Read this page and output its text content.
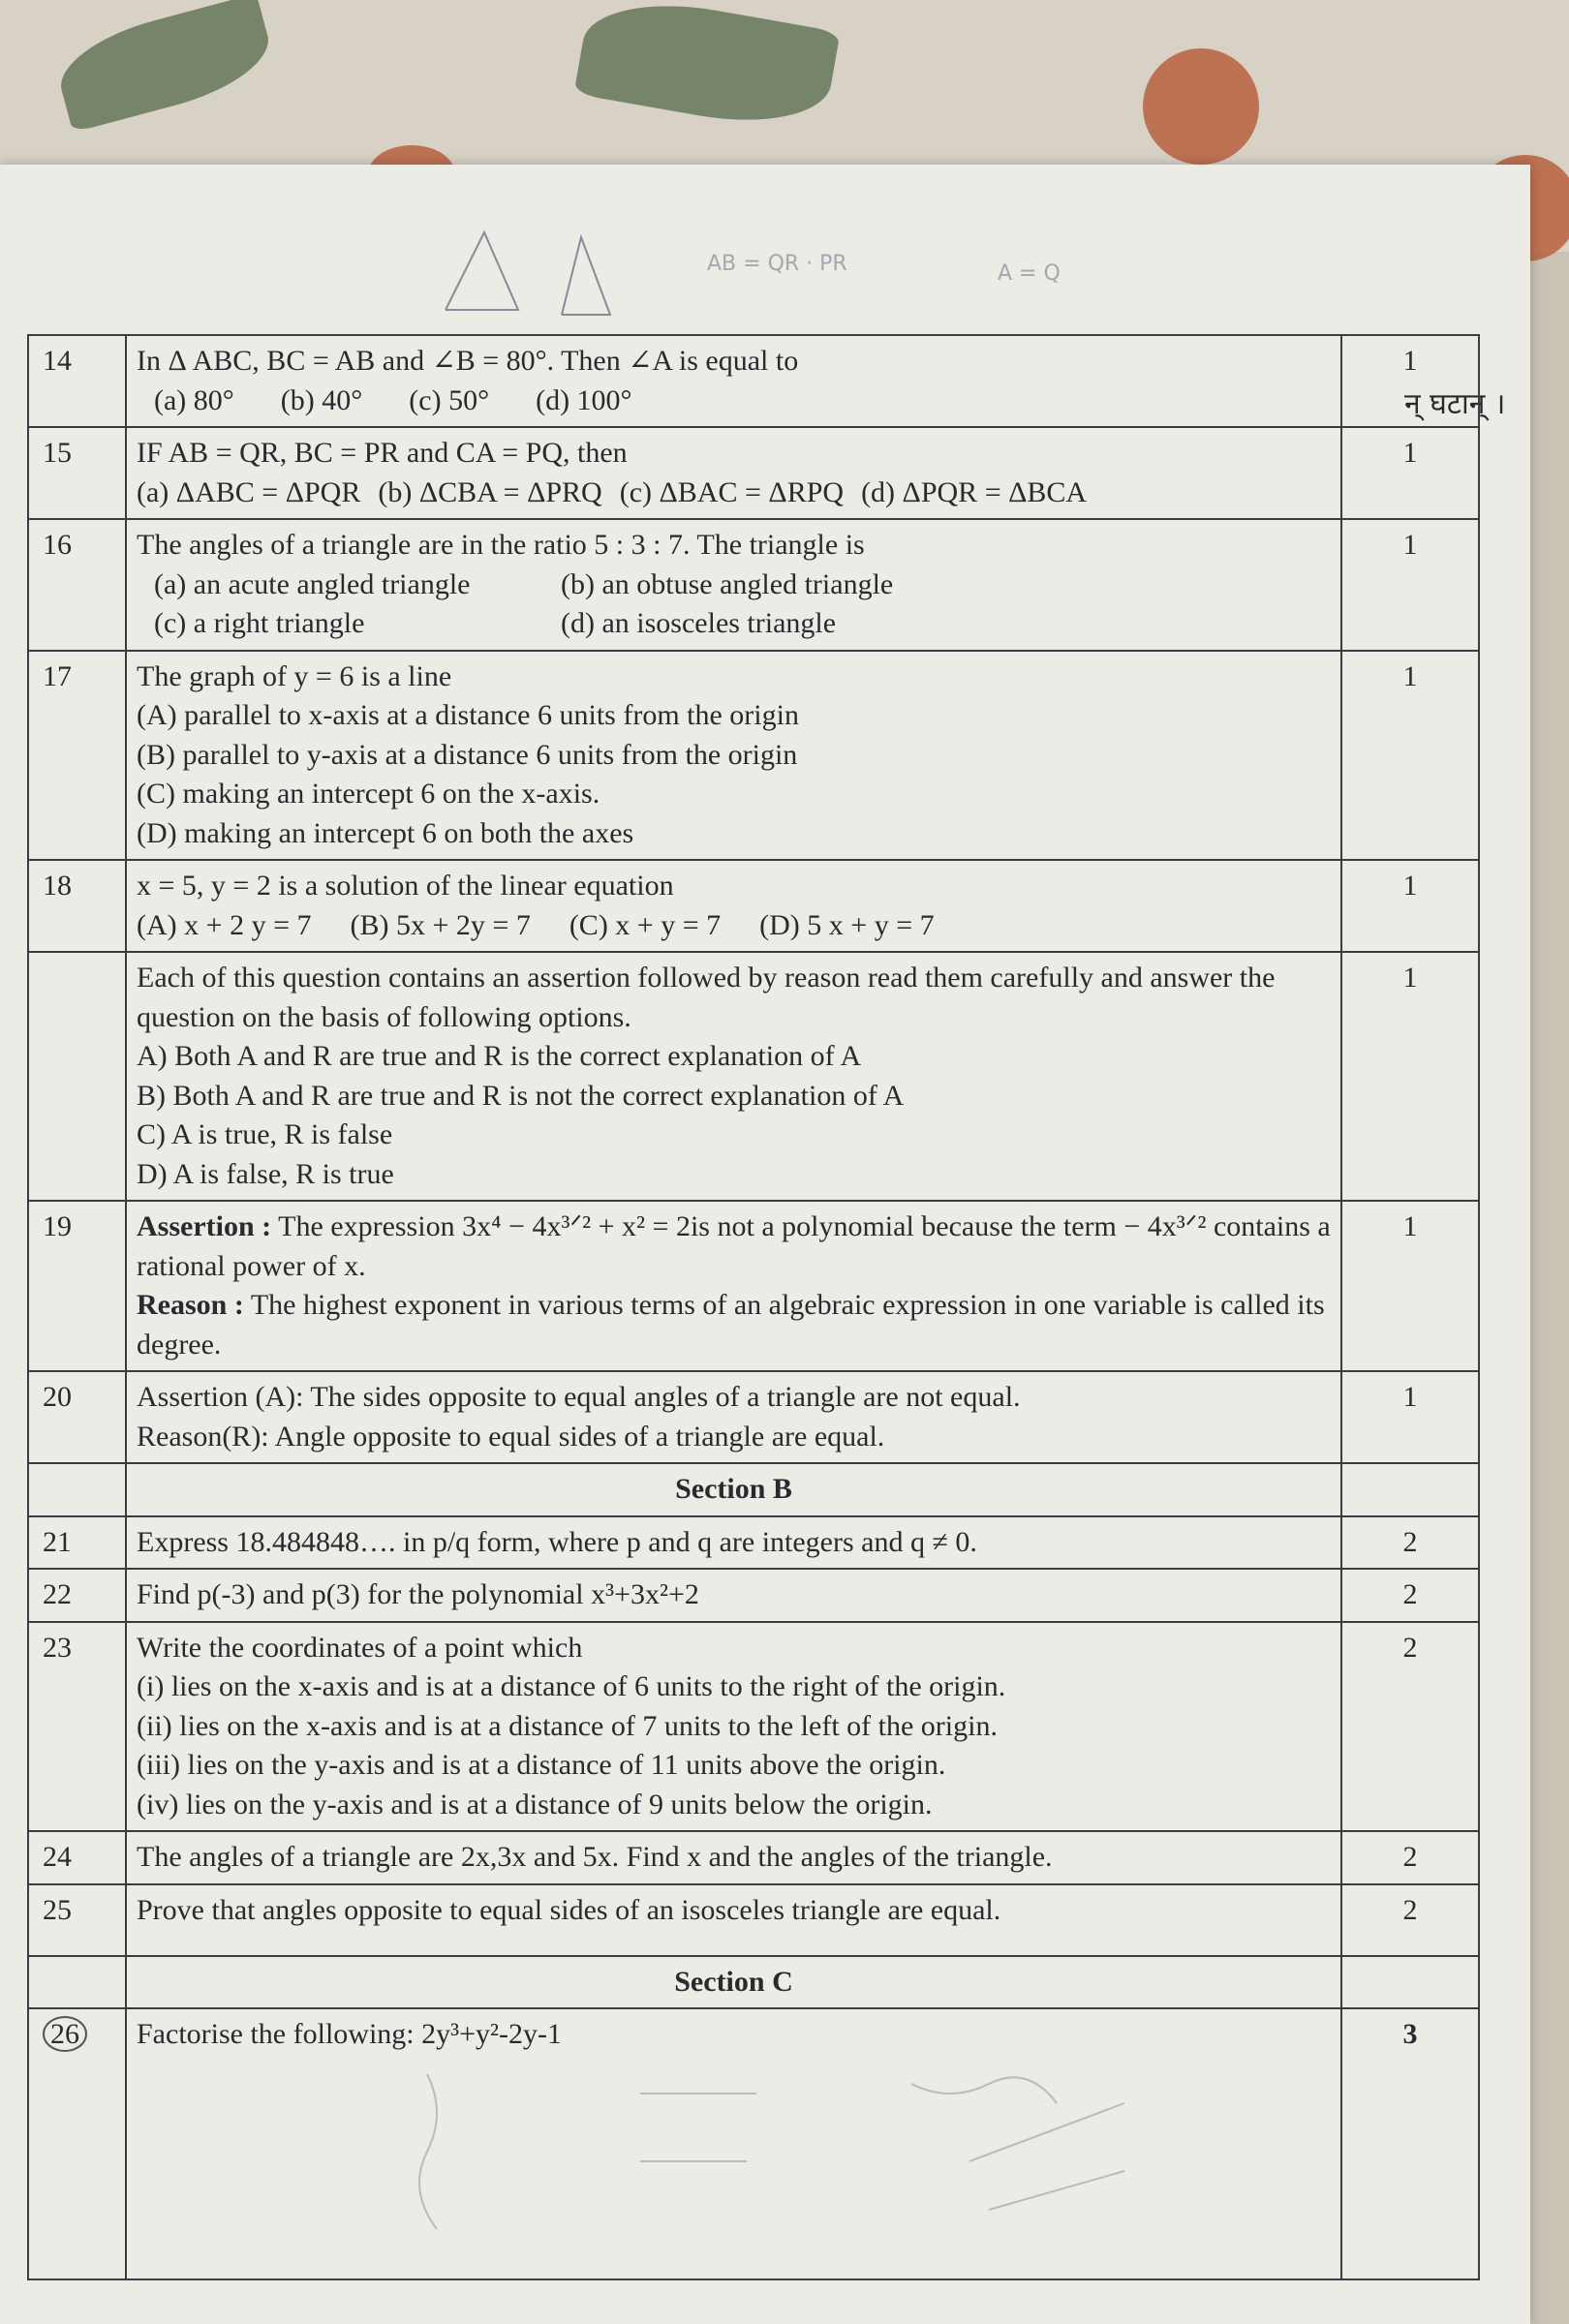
AB = QR · PR	A = Q
न् घटान् ।
14	In Δ ABC, BC = AB and ∠B = 80°. Then ∠A is equal to
(a) 80° (b) 40° (c) 50° (d) 100°	1
15	IF AB = QR, BC = PR and CA = PQ, then
(a) ΔABC = ΔPQR (b) ΔCBA = ΔPRQ (c) ΔBAC = ΔRPQ (d) ΔPQR = ΔBCA	1
16	The angles of a triangle are in the ratio 5 : 3 : 7. The triangle is
(a) an acute angled triangle (b) an obtuse angled triangle
(c) a right triangle (d) an isosceles triangle	1
17	The graph of y = 6 is a line
(A) parallel to x-axis at a distance 6 units from the origin
(B) parallel to y-axis at a distance 6 units from the origin
(C) making an intercept 6 on the x-axis.
(D) making an intercept 6 on both the axes	1
18	x = 5, y = 2 is a solution of the linear equation
(A) x + 2 y = 7 (B) 5x + 2y = 7 (C) x + y = 7 (D) 5 x + y = 7	1

	Each of this question contains an assertion followed by reason read them carefully and answer the question on the basis of following options.
A) Both A and R are true and R is the correct explanation of A
B) Both A and R are true and R is not the correct explanation of A
C) A is true, R is false
D) A is false, R is true	1
19	Assertion : The expression 3x⁴ − 4x³ᐟ² + x² = 2is not a polynomial because the term − 4x³ᐟ² contains a rational power of x.
Reason : The highest exponent in various terms of an algebraic expression in one variable is called its degree.	1
20	Assertion (A): The sides opposite to equal angles of a triangle are not equal.
Reason(R): Angle opposite to equal sides of a triangle are equal.	1
	Section B	
21	Express 18.484848…. in p/q form, where p and q are integers and q ≠ 0.	2
22	Find p(-3) and p(3) for the polynomial x³+3x²+2	2
23	Write the coordinates of a point which
(i) lies on the x-axis and is at a distance of 6 units to the right of the origin.
(ii) lies on the x-axis and is at a distance of 7 units to the left of the origin.
(iii) lies on the y-axis and is at a distance of 11 units above the origin.
(iv) lies on the y-axis and is at a distance of 9 units below the origin.	2
24	The angles of a triangle are 2x,3x and 5x. Find x and the angles of the triangle.	2
25	Prove that angles opposite to equal sides of an isosceles triangle are equal.	2
	Section C	
26	Factorise the following: 2y³+y²-2y-1	3
